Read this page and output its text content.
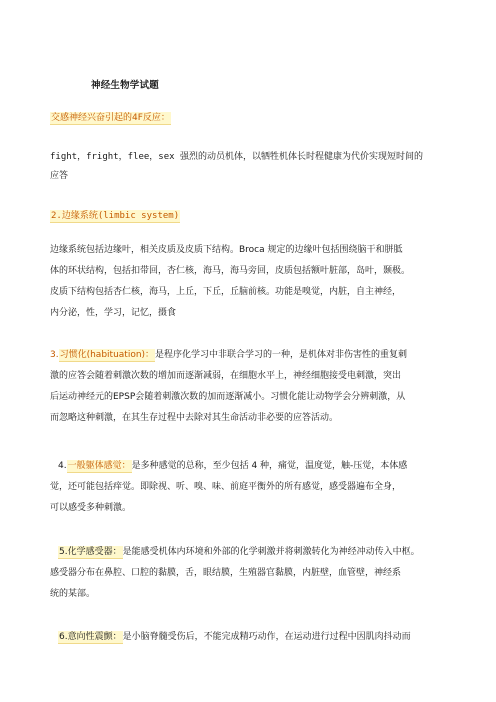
神经生物学试题
交感神经兴奋引起的4F反应：
fight，fright，flee，sex 强烈的动员机体，以牺牲机体长时程健康为代价实现短时间的
应答
2.边缘系统(limbic system)
边缘系统包括边缘叶，相关皮质及皮质下结构。Broca 规定的边缘叶包括围绕脑干和胼胝
体的环状结构，包括扣带回，杏仁核，海马，海马旁回，皮质包括额叶脏部，岛叶，颞极。
皮质下结构包括杏仁核，海马，上丘，下丘，丘脑前核。功能是嗅觉，内脏，自主神经，
内分泌，性，学习，记忆，摄食
3.习惯化(habituation)：是程序化学习中非联合学习的一种，是机体对非伤害性的重复刺
激的应答会随着刺激次数的增加而逐渐减弱，在细胞水平上，神经细胞接受电刺激，突出
后运动神经元的EPSP会随着刺激次数的加而逐渐减小。习惯化能让动物学会分辨刺激，从
而忽略这种刺激，在其生存过程中去除对其生命活动非必要的应答活动。
4.一般躯体感觉：是多种感觉的总称，至少包括 4 种，痛觉，温度觉，触-压觉，本体感
觉，还可能包括痒觉。即除视、听、嗅、味、前庭平衡外的所有感觉，感受器遍布全身，
可以感受多种刺激。
5.化学感受器：是能感受机体内环境和外部的化学刺激并将刺激转化为神经冲动传入中枢。
感受器分布在鼻腔、口腔的黏膜，舌，眼结膜，生殖器官黏膜，内脏壁，血管壁，神经系
统的某部。
6.意向性震颤：是小脑脊髓受伤后，不能完成精巧动作，在运动进行过程中因肌肉抖动而
